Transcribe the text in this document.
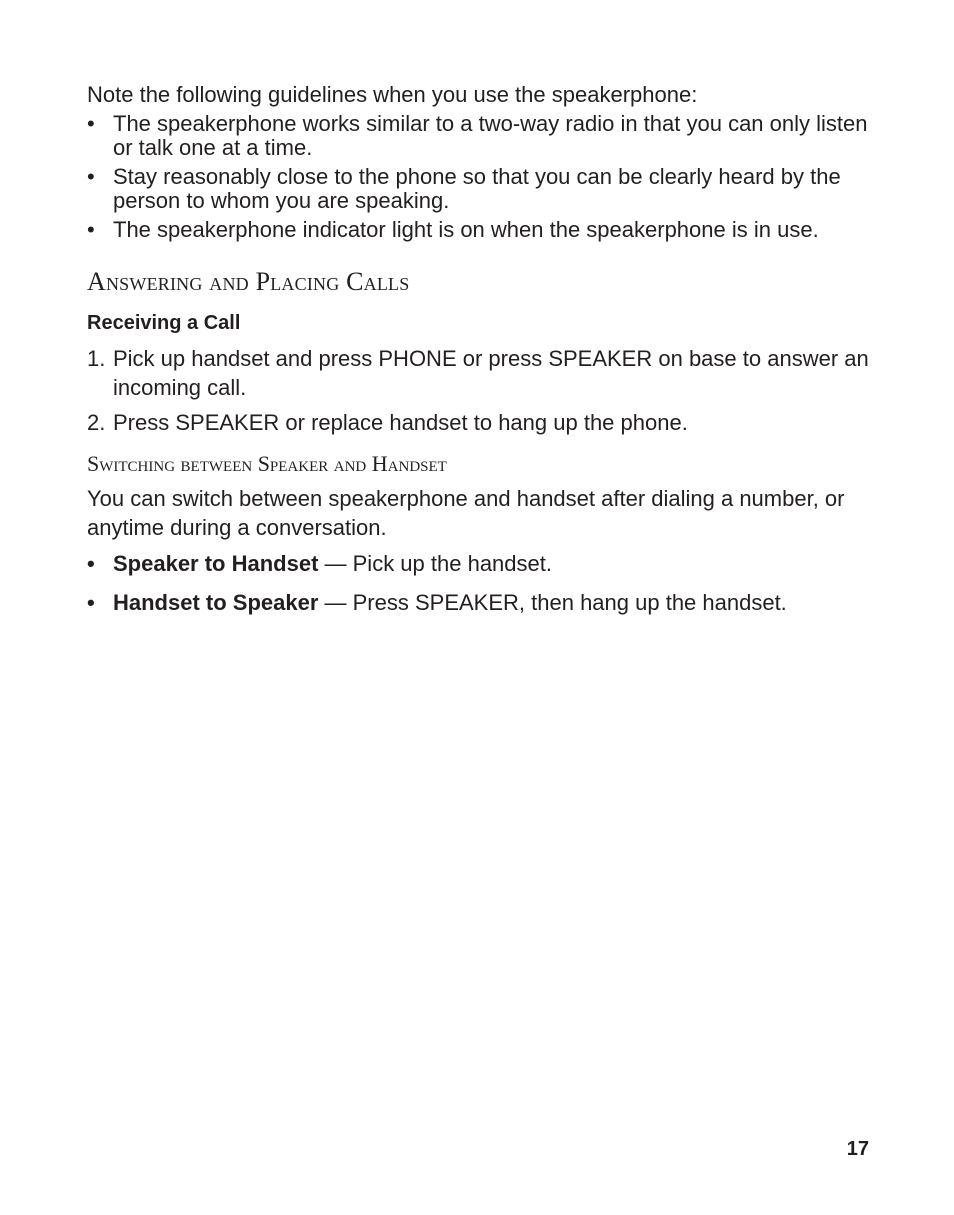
Note the following guidelines when you use the speakerphone:

• The speakerphone works similar to a two-way radio in that you can only listen or talk one at a time.
• Stay reasonably close to the phone so that you can be clearly heard by the person to whom you are speaking.
• The speakerphone indicator light is on when the speakerphone is in use.
Answering and Placing Calls
Receiving a Call
1. Pick up handset and press PHONE or press SPEAKER on base to answer an incoming call.
2. Press SPEAKER or replace handset to hang up the phone.
Switching between Speaker and Handset

You can switch between speakerphone and handset after dialing a number, or anytime during a conversation.

• Speaker to Handset — Pick up the handset.
• Handset to Speaker — Press SPEAKER, then hang up the handset.
17
